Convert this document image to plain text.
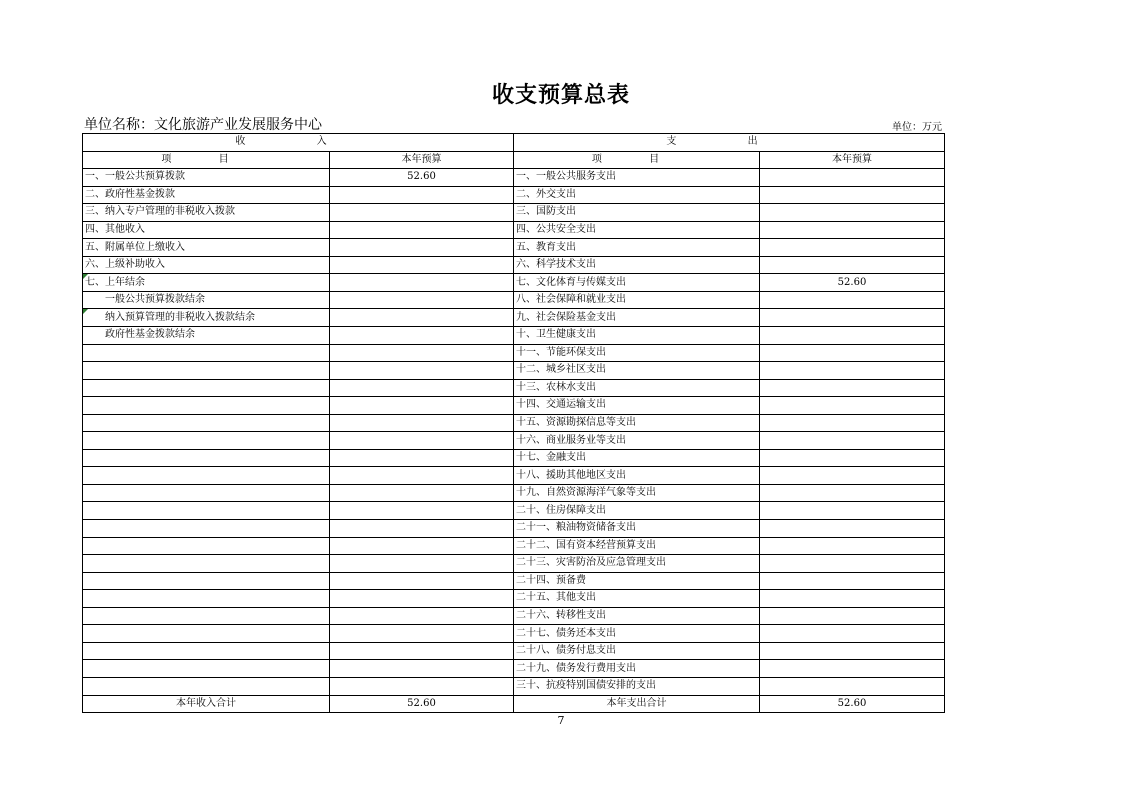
收支预算总表
单位名称：文化旅游产业发展服务中心	单位：万元
收 入		支 出	
项 目	本年预算	项 目	本年预算
一、一般公共预算拨款	52.60	一、一般公共服务支出	
二、政府性基金拨款		二、外交支出	
三、纳入专户管理的非税收入拨款		三、国防支出	
四、其他收入		四、公共安全支出	
五、附属单位上缴收入		五、教育支出	
六、上级补助收入		六、科学技术支出	
七、上年结余		七、文化体育与传媒支出	52.60
一般公共预算拨款结余		八、社会保障和就业支出	
纳入预算管理的非税收入拨款结余		九、社会保险基金支出	
政府性基金拨款结余		十、卫生健康支出	
		十一、节能环保支出	
		十二、城乡社区支出	
		十三、农林水支出	
		十四、交通运输支出	
		十五、资源勘探信息等支出	
		十六、商业服务业等支出	
		十七、金融支出	
		十八、援助其他地区支出	
		十九、自然资源海洋气象等支出	
		二十、住房保障支出	
		二十一、粮油物资储备支出	
		二十二、国有资本经营预算支出	
		二十三、灾害防治及应急管理支出	
		二十四、预备费	
		二十五、其他支出	
		二十六、转移性支出	
		二十七、债务还本支出	
		二十八、债务付息支出	
		二十九、债务发行费用支出	
		三十、抗疫特别国债安排的支出	
本年收入合计	52.60	本年支出合计	52.60
7
